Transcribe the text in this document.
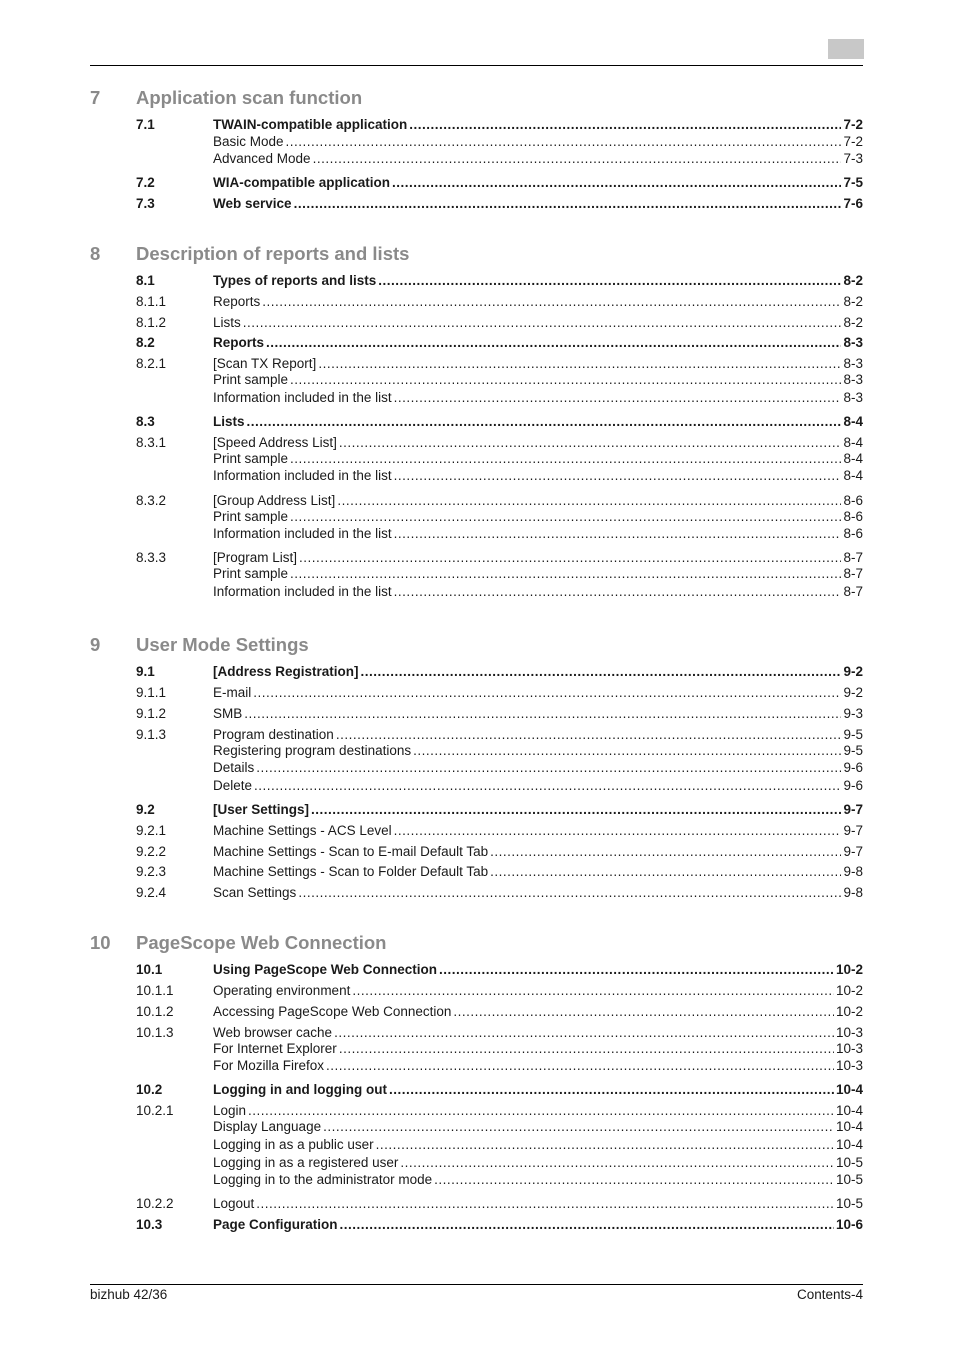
7 Application scan function
7.1	TWAIN-compatible application .....	7-2
Basic Mode .....	7-2
Advanced Mode .....	7-3
7.2	WIA-compatible application .....	7-5
7.3	Web service .....	7-6
8 Description of reports and lists
8.1	Types of reports and lists .....	8-2
8.1.1	Reports .....	8-2
8.1.2	Lists .....	8-2
8.2	Reports .....	8-3
8.2.1	[Scan TX Report] .....	8-3
Print sample .....	8-3
Information included in the list .....	8-3
8.3	Lists .....	8-4
8.3.1	[Speed Address List] .....	8-4
Print sample .....	8-4
Information included in the list .....	8-4
8.3.2	[Group Address List] .....	8-6
Print sample .....	8-6
Information included in the list .....	8-6
8.3.3	[Program List] .....	8-7
Print sample .....	8-7
Information included in the list .....	8-7
9 User Mode Settings
9.1	[Address Registration] .....	9-2
9.1.1	E-mail .....	9-2
9.1.2	SMB .....	9-3
9.1.3	Program destination .....	9-5
Registering program destinations .....	9-5
Details .....	9-6
Delete .....	9-6
9.2	[User Settings] .....	9-7
9.2.1	Machine Settings - ACS Level .....	9-7
9.2.2	Machine Settings - Scan to E-mail Default Tab .....	9-7
9.2.3	Machine Settings - Scan to Folder Default Tab .....	9-8
9.2.4	Scan Settings .....	9-8
10 PageScope Web Connection
10.1	Using PageScope Web Connection .....	10-2
10.1.1	Operating environment .....	10-2
10.1.2	Accessing PageScope Web Connection .....	10-2
10.1.3	Web browser cache .....	10-3
For Internet Explorer .....	10-3
For Mozilla Firefox .....	10-3
10.2	Logging in and logging out .....	10-4
10.2.1	Login .....	10-4
Display Language .....	10-4
Logging in as a public user .....	10-4
Logging in as a registered user .....	10-5
Logging in to the administrator mode .....	10-5
10.2.2	Logout .....	10-5
10.3	Page Configuration .....	10-6
bizhub 42/36	Contents-4
